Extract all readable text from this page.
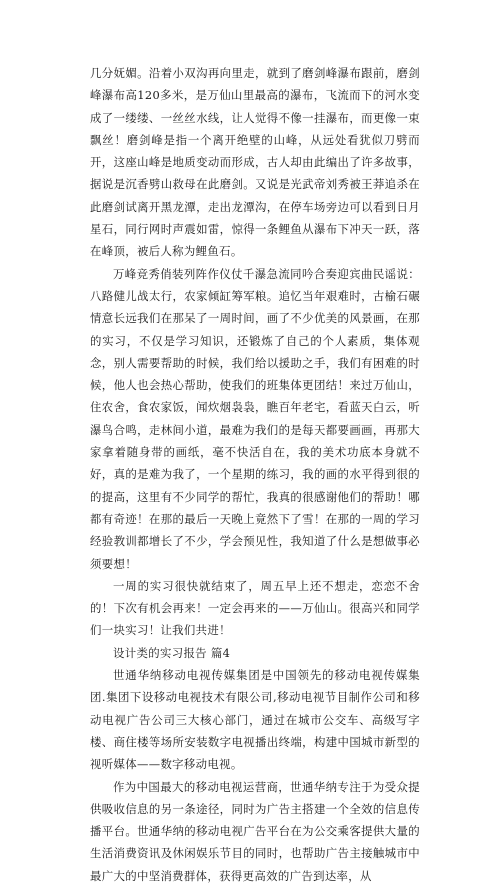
几分妩媚。沿着小双沟再向里走，就到了磨剑峰瀑布跟前，磨剑峰瀑布高120多米，是万仙山里最高的瀑布，飞流而下的河水变成了一缕缕、一丝丝水线，让人觉得不像一挂瀑布，而更像一束飘丝！磨剑峰是指一个离开绝壁的山峰，从远处看犹似刀劈而开，这座山峰是地质变动而形成，古人却由此编出了许多故事，据说是沉香劈山救母在此磨剑。又说是光武帝刘秀被王莽追杀在此磨剑试离开黑龙潭，走出龙潭沟，在停车场旁边可以看到日月星石，同行网时声震如雷，惊得一条鲤鱼从瀑布下冲天一跃，落在峰顶，被后人称为鲤鱼石。

万峰竞秀俏装列阵作仪仗千瀑急流同吟合奏迎宾曲民谣说：八路健儿战太行，农家倾缸筹军粮。追忆当年艰难时，古榆石碾情意长远我们在那呆了一周时间，画了不少优美的风景画，在那的实习，不仅是学习知识，还锻炼了自己的个人素质，集体观念，别人需要帮助的时候，我们给以援助之手，我们有困难的时候，他人也会热心帮助，使我们的班集体更团结！来过万仙山，住农舍，食农家饭，闻炊烟袅袅，瞧百年老宅，看蓝天白云，听瀑鸟合鸣，走林间小道，最难为我们的是每天都要画画，再那大家拿着随身带的画纸，毫不快活自在，我的美术功底本身就不好，真的是难为我了，一个星期的练习，我的画的水平得到很的的提高，这里有不少同学的帮忙，我真的很感谢他们的帮助！哪都有奇迹！在那的最后一天晚上竟然下了雪！在那的一周的学习经验教训都增长了不少，学会预见性，我知道了什么是想做事必须要想！

一周的实习很快就结束了，周五早上还不想走，恋恋不舍的！下次有机会再来！一定会再来的——万仙山。很高兴和同学们一块实习！让我们共进！

设计类的实习报告 篇4

世通华纳移动电视传媒集团是中国领先的移动电视传媒集团.集团下设移动电视技术有限公司,移动电视节目制作公司和移动电视广告公司三大核心部门，通过在城市公交车、高级写字楼、商住楼等场所安装数字电视播出终端，构建中国城市新型的视听媒体——数字移动电视。

作为中国最大的移动电视运营商，世通华纳专注于为受众提供吸收信息的另一条途径，同时为广告主搭建一个全效的信息传播平台。世通华纳的移动电视广告平台在为公交乘客提供大量的生活消费资讯及休闲娱乐节目的同时，也帮助广告主接触城市中最广大的中坚消费群体，获得更高效的广告到达率，从
